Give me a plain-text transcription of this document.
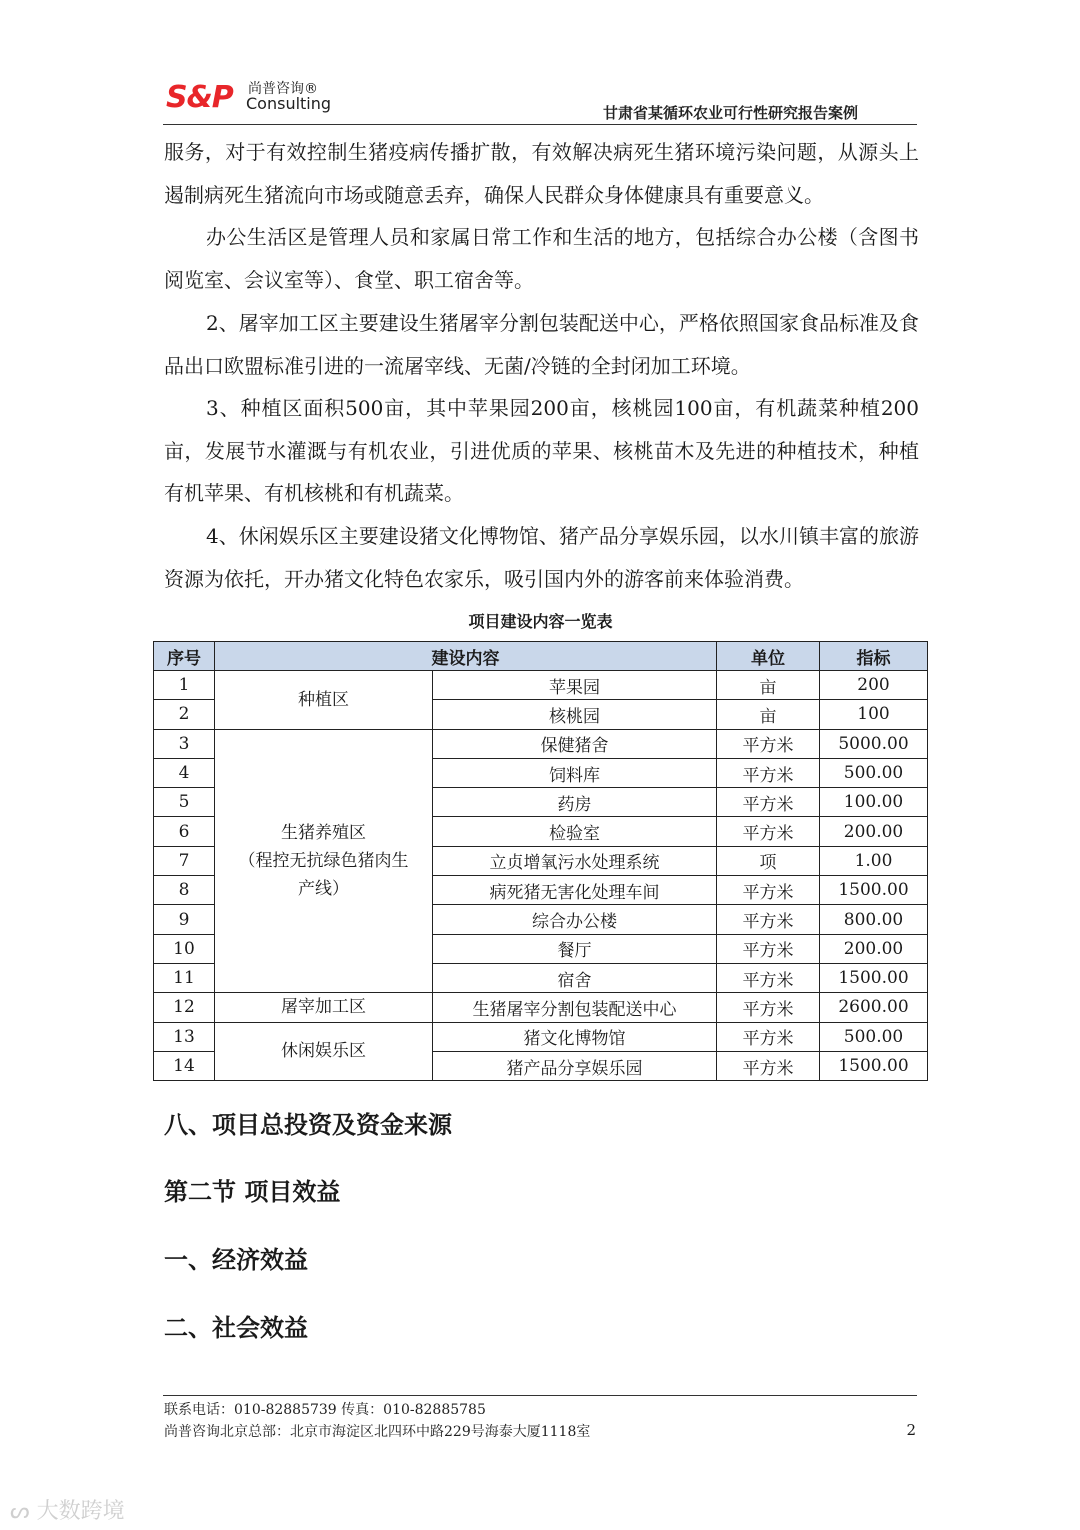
S&P 尚普咨询®
Consulting	甘肃省某循环农业可行性研究报告案例

服务，对于有效控制生猪疫病传播扩散，有效解决病死生猪环境污染问题，从源头上遏制病死生猪流向市场或随意丢弃，确保人民群众身体健康具有重要意义。

办公生活区是管理人员和家属日常工作和生活的地方，包括综合办公楼（含图书阅览室、会议室等）、食堂、职工宿舍等。

2、屠宰加工区主要建设生猪屠宰分割包装配送中心，严格依照国家食品标准及食品出口欧盟标准引进的一流屠宰线、无菌/冷链的全封闭加工环境。

3、种植区面积500亩，其中苹果园200亩，核桃园100亩，有机蔬菜种植200亩，发展节水灌溉与有机农业，引进优质的苹果、核桃苗木及先进的种植技术，种植有机苹果、有机核桃和有机蔬菜。

4、休闲娱乐区主要建设猪文化博物馆、猪产品分享娱乐园，以水川镇丰富的旅游资源为依托，开办猪文化特色农家乐，吸引国内外的游客前来体验消费。

项目建设内容一览表
序号	建设内容		单位	指标
1	种植区	苹果园	亩	200
2		核桃园	亩	100
3	生猪养殖区
（程控无抗绿色猪肉生
产线）	保健猪舍	平方米	5000.00
4		饲料库	平方米	500.00
5		药房	平方米	100.00
6		检验室	平方米	200.00
7		立贞增氧污水处理系统	项	1.00
8		病死猪无害化处理车间	平方米	1500.00
9		综合办公楼	平方米	800.00
10		餐厅	平方米	200.00
11		宿舍	平方米	1500.00
12	屠宰加工区	生猪屠宰分割包装配送中心	平方米	2600.00
13	休闲娱乐区	猪文化博物馆	平方米	500.00
14		猪产品分享娱乐园	平方米	1500.00
八、项目总投资及资金来源
第二节 项目效益
一、经济效益
二、社会效益
联系电话：010-82885739 传真：010-82885785
尚普咨询北京总部：北京市海淀区北四环中路229号海泰大厦1118室	2
ᔕ 大数跨境
